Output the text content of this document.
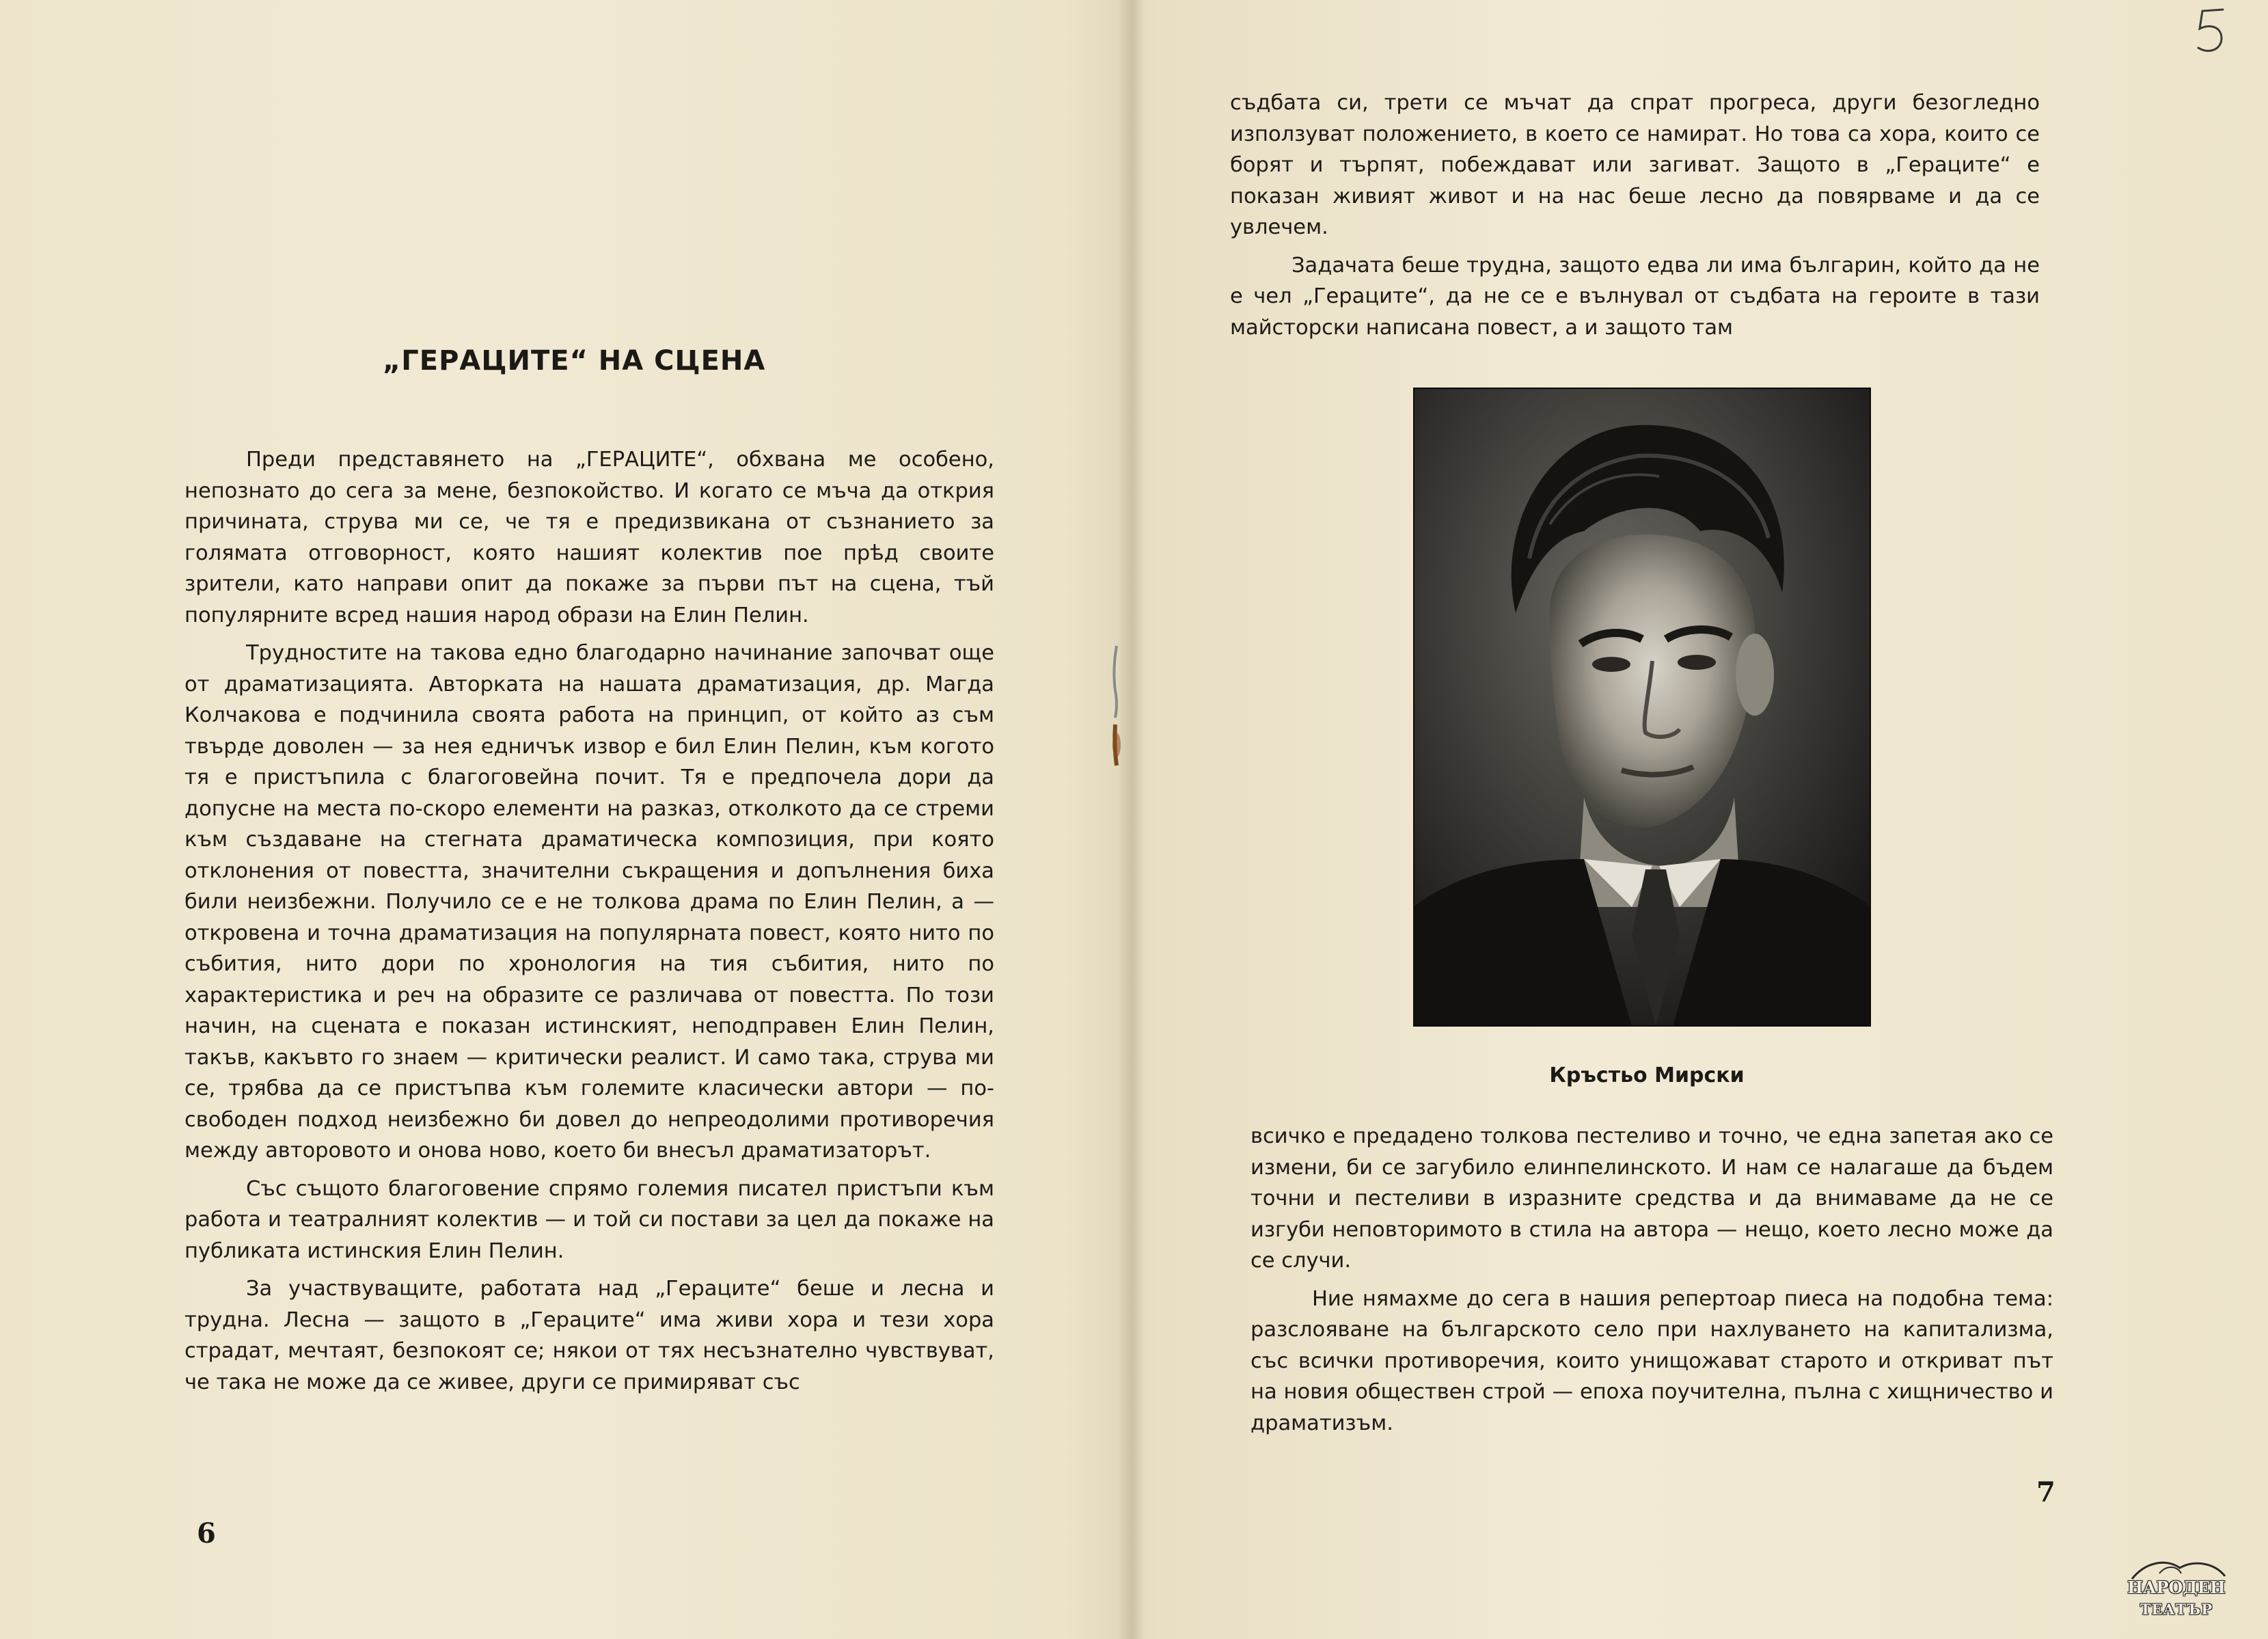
„ГЕРАЦИТЕ“ НА СЦЕНА

Преди представянето на „ГЕРАЦИТЕ“, обхвана ме особено, непознато до сега за мене, безпокойство. И когато се мъча да открия причината, струва ми се, че тя е предизвикана от съзнанието за голямата отговорност, която нашият колектив пое прѣд своите зрители, като направи опит да покаже за първи път на сцена, тъй популярните всред нашия народ образи на Елин Пелин.

Трудностите на такова едно благодарно начинание започват още от драматизацията. Авторката на нашата драматизация, др. Магда Колчакова е подчинила своята работа на принцип, от който аз съм твърде доволен — за нея едничък извор е бил Елин Пелин, към когото тя е пристъпила с благоговейна почит. Тя е предпочела дори да допусне на места по-скоро елементи на разказ, отколкото да се стреми към създаване на стегната драматическа композиция, при която отклонения от повестта, значителни съкращения и допълнения биха били неизбежни. Получило се е не толкова драма по Елин Пелин, а — откровена и точна драматизация на популярната повест, която нито по събития, нито дори по хронология на тия събития, нито по характеристика и реч на образите се различава от повестта. По този начин, на сцената е показан истинският, неподправен Елин Пелин, такъв, какъвто го знаем — критически реалист. И само така, струва ми се, трябва да се пристъпва към големите класически автори — по-свободен подход неизбежно би довел до непреодолими противоречия между авторовото и онова ново, което би внесъл драматизаторът.

Със същото благоговение спрямо големия писател пристъпи към работа и театралният колектив — и той си постави за цел да покаже на публиката истинския Елин Пелин.

За участвуващите, работата над „Гераците“ беше и лесна и трудна. Лесна — защото в „Гераците“ има живи хора и тези хора страдат, мечтаят, безпокоят се; някои от тях несъзнателно чувствуват, че така не може да се живее, други се примиряват със

6

съдбата си, трети се мъчат да спрат прогреса, други безогледно използуват положението, в което се намират. Но това са хора, които се борят и търпят, побеждават или загиват. Защото в „Гераците“ е показан живият живот и на нас беше лесно да повярваме и да се увлечем.

Задачата беше трудна, защото едва ли има българин, който да не е чел „Гераците“, да не се е вълнувал от съдбата на героите в тази майсторски написана повест, а и защото там

Кръстьо Мирски

всичко е предадено толкова пестеливо и точно, че една запетая ако се измени, би се загубило елинпелинското. И нам се налагаше да бъдем точни и пестеливи в изразните средства и да внимаваме да не се изгуби неповторимото в стила на автора — нещо, което лесно може да се случи.

Ние нямахме до сега в нашия репертоар пиеса на подобна тема: разслояване на българското село при нахлуването на капитализма, със всички противоречия, които унищожават старото и откриват път на новия обществен строй — епоха поучителна, пълна с хищничество и драматизъм.

7
НАРОДЕН
ТЕАТЪР
